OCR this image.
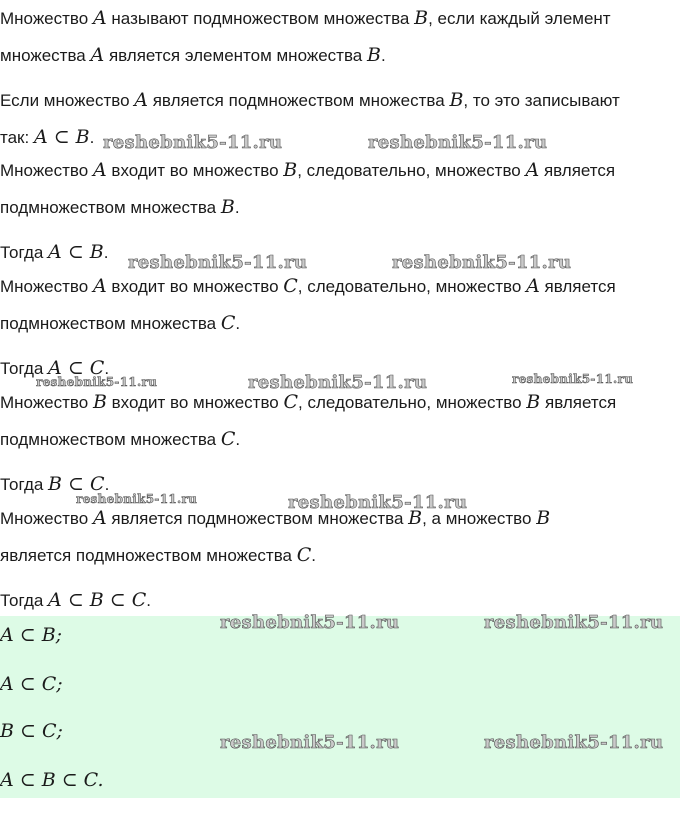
Множество A называют подмножеством множества B, если каждый элемент
множества A является элементом множества B.

Если множество A является подмножеством множества B, то это записывают
так: A ⊂ B.

Множество A входит во множество B, следовательно, множество A является
подмножеством множества B.

Тогда A ⊂ B.

Множество A входит во множество C, следовательно, множество A является
подмножеством множества C.

Тогда A ⊂ C.

Множество B входит во множество C, следовательно, множество B является
подмножеством множества C.

Тогда B ⊂ C.

Множество A является подмножеством множества B, а множество B
является подмножеством множества C.

Тогда A ⊂ B ⊂ C.

A ⊂ B;

A ⊂ C;

B ⊂ C;

A ⊂ B ⊂ C.

reshebnik5-11.ru	reshebnik5-11.ru
reshebnik5-11.ru	reshebnik5-11.ru
reshebnik5-11.ru	reshebnik5-11.ru	reshebnik5-11.ru
reshebnik5-11.ru	reshebnik5-11.ru
reshebnik5-11.ru	reshebnik5-11.ru
reshebnik5-11.ru	reshebnik5-11.ru
